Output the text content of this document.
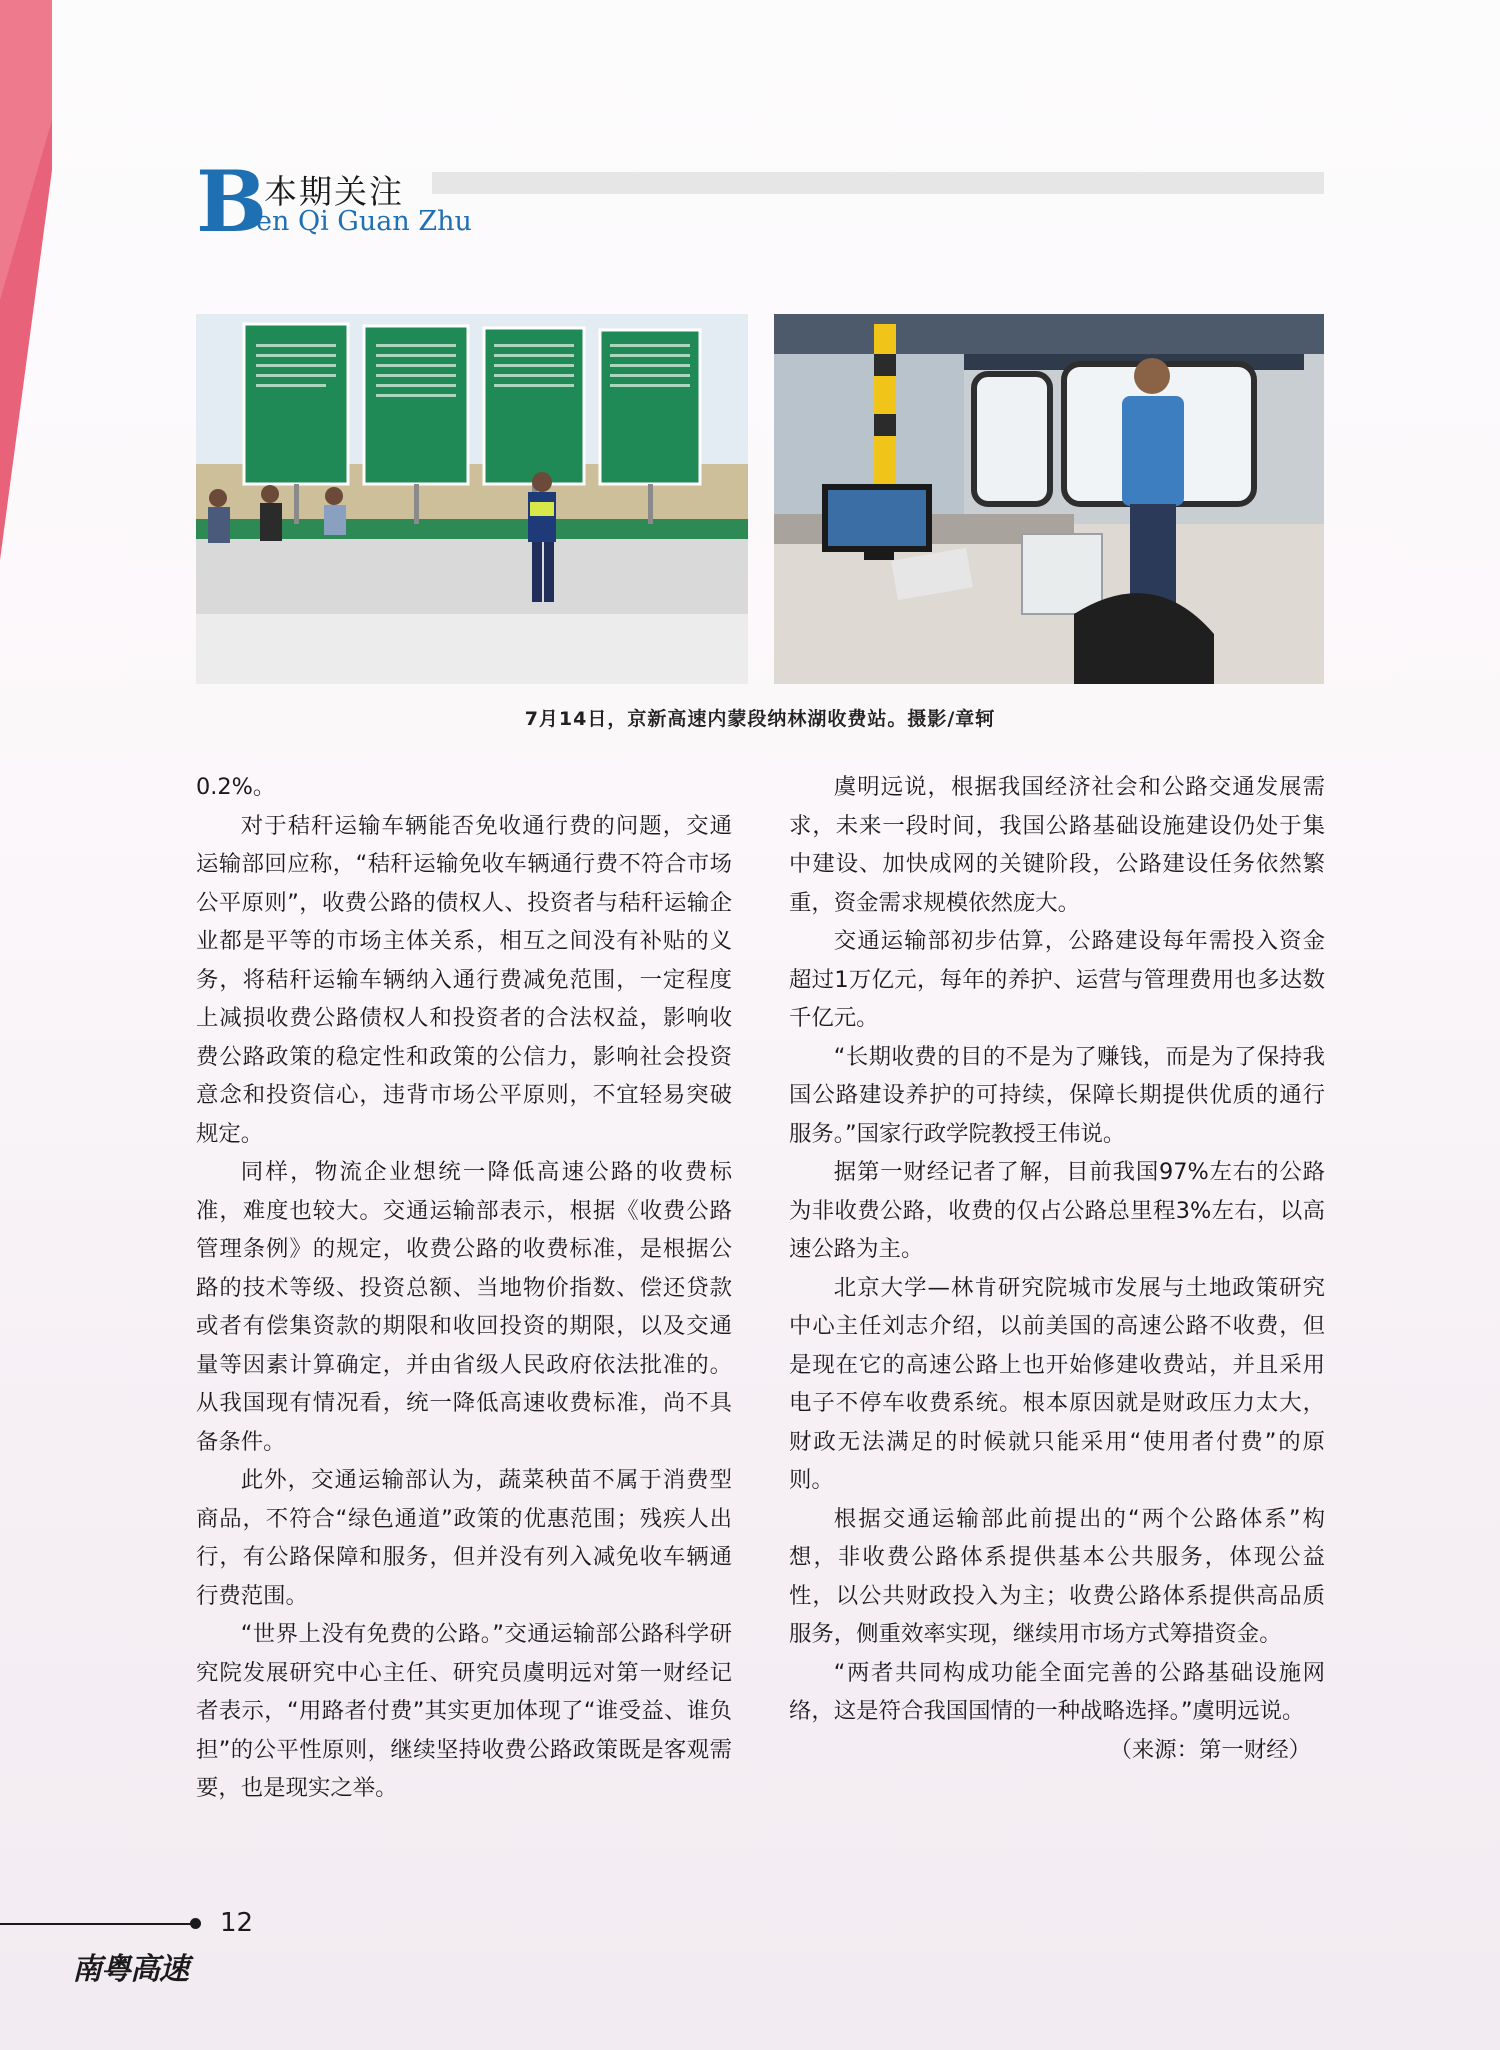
B
本期关注
en Qi Guan Zhu
7月14日，京新高速内蒙段纳林湖收费站。摄影/章轲

0.2%。

对于秸秆运输车辆能否免收通行费的问题，交通运输部回应称，“秸秆运输免收车辆通行费不符合市场公平原则”，收费公路的债权人、投资者与秸秆运输企业都是平等的市场主体关系，相互之间没有补贴的义务，将秸秆运输车辆纳入通行费减免范围，一定程度上减损收费公路债权人和投资者的合法权益，影响收费公路政策的稳定性和政策的公信力，影响社会投资意念和投资信心，违背市场公平原则，不宜轻易突破规定。

同样，物流企业想统一降低高速公路的收费标准，难度也较大。交通运输部表示，根据《收费公路管理条例》的规定，收费公路的收费标准，是根据公路的技术等级、投资总额、当地物价指数、偿还贷款或者有偿集资款的期限和收回投资的期限，以及交通量等因素计算确定，并由省级人民政府依法批准的。从我国现有情况看，统一降低高速收费标准，尚不具备条件。

此外，交通运输部认为，蔬菜秧苗不属于消费型商品，不符合“绿色通道”政策的优惠范围；残疾人出行，有公路保障和服务，但并没有列入减免收车辆通行费范围。

“世界上没有免费的公路。”交通运输部公路科学研究院发展研究中心主任、研究员虞明远对第一财经记者表示，“用路者付费”其实更加体现了“谁受益、谁负担”的公平性原则，继续坚持收费公路政策既是客观需要，也是现实之举。

虞明远说，根据我国经济社会和公路交通发展需求，未来一段时间，我国公路基础设施建设仍处于集中建设、加快成网的关键阶段，公路建设任务依然繁重，资金需求规模依然庞大。

交通运输部初步估算，公路建设每年需投入资金超过1万亿元，每年的养护、运营与管理费用也多达数千亿元。

“长期收费的目的不是为了赚钱，而是为了保持我国公路建设养护的可持续，保障长期提供优质的通行服务。”国家行政学院教授王伟说。

据第一财经记者了解，目前我国97%左右的公路为非收费公路，收费的仅占公路总里程3%左右，以高速公路为主。

北京大学—林肯研究院城市发展与土地政策研究中心主任刘志介绍，以前美国的高速公路不收费，但是现在它的高速公路上也开始修建收费站，并且采用电子不停车收费系统。根本原因就是财政压力太大，财政无法满足的时候就只能采用“使用者付费”的原则。

根据交通运输部此前提出的“两个公路体系”构想，非收费公路体系提供基本公共服务，体现公益性，以公共财政投入为主；收费公路体系提供高品质服务，侧重效率实现，继续用市场方式筹措资金。

“两者共同构成功能全面完善的公路基础设施网络，这是符合我国国情的一种战略选择。”虞明远说。

（来源：第一财经）

12
南粤高速
